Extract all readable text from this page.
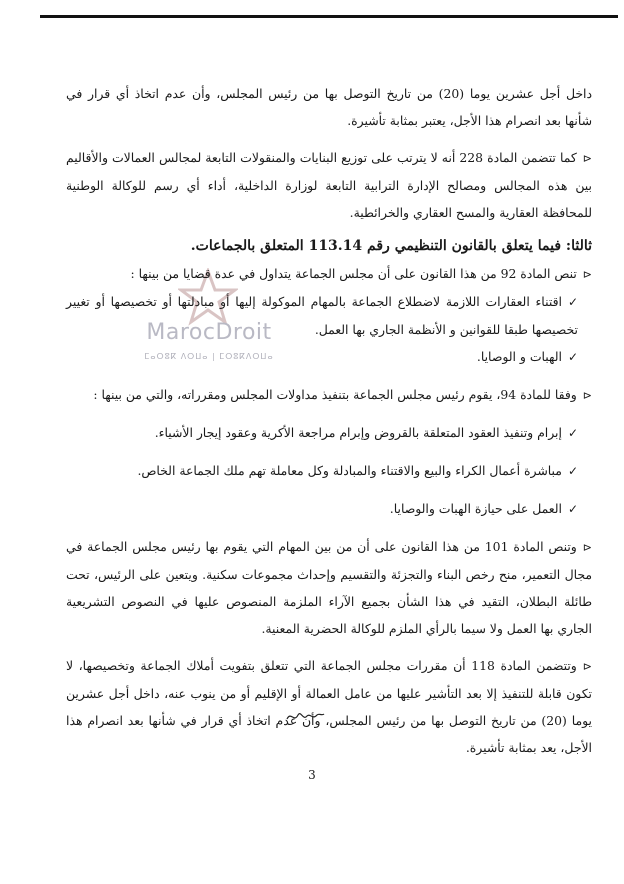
MarocDroit
ⵎⴰⵔⵓⴽ ⴷⵔⵡⴰ | ⵎⵔⵓⴽⴷⵔⵡⴰ

داخل أجل عشرين يوما (20) من تاريخ التوصل بها من رئيس المجلس، وأن عدم اتخاذ أي قرار في شأنها بعد انصرام هذا الأجل، يعتبر بمثابة تأشيرة.

⊲كما تتضمن المادة 228 أنه لا يترتب على توزيع البنايات والمنقولات التابعة لمجالس العمالات والأقاليم بين هذه المجالس ومصالح الإدارة الترابية التابعة لوزارة الداخلية، أداء أي رسم للوكالة الوطنية للمحافظة العقارية والمسح العقاري والخرائطية.

ثالثا: فيما يتعلق بالقانون التنظيمي رقم 113.14 المتعلق بالجماعات.

⊲تنص المادة 92 من هذا القانون على أن مجلس الجماعة يتداول في عدة قضايا من بينها :

✓اقتناء العقارات اللازمة لاضطلاع الجماعة بالمهام الموكولة إليها أو مبادلتها أو تخصيصها أو تغيير تخصيصها طبقا للقوانين و الأنظمة الجاري بها العمل.

✓الهبات و الوصايا.

⊲وفقا للمادة 94، يقوم رئيس مجلس الجماعة بتنفيذ مداولات المجلس ومقرراته، والتي من بينها :

✓إبرام وتنفيذ العقود المتعلقة بالقروض وإبرام مراجعة الأكرية وعقود إيجار الأشياء.

✓مباشرة أعمال الكراء والبيع والاقتناء والمبادلة وكل معاملة تهم ملك الجماعة الخاص.

✓العمل على حيازة الهبات والوصايا.

⊲وتنص المادة 101 من هذا القانون على أن من بين المهام التي يقوم بها رئيس مجلس الجماعة في مجال التعمير، منح رخص البناء والتجزئة والتقسيم وإحداث مجموعات سكنية. ويتعين على الرئيس، تحت طائلة البطلان، التقيد في هذا الشأن بجميع الآراء الملزمة المنصوص عليها في النصوص التشريعية الجاري بها العمل ولا سيما بالرأي الملزم للوكالة الحضرية المعنية.

⊲وتتضمن المادة 118 أن مقررات مجلس الجماعة التي تتعلق بتفويت أملاك الجماعة وتخصيصها، لا تكون قابلة للتنفيذ إلا بعد التأشير عليها من عامل العمالة أو الإقليم أو من ينوب عنه، داخل أجل عشرين يوما (20) من تاريخ التوصل بها من رئيس المجلس، وأن عدم اتخاذ أي قرار في شأنها بعد انصرام هذا الأجل، يعد بمثابة تأشيرة.

3
